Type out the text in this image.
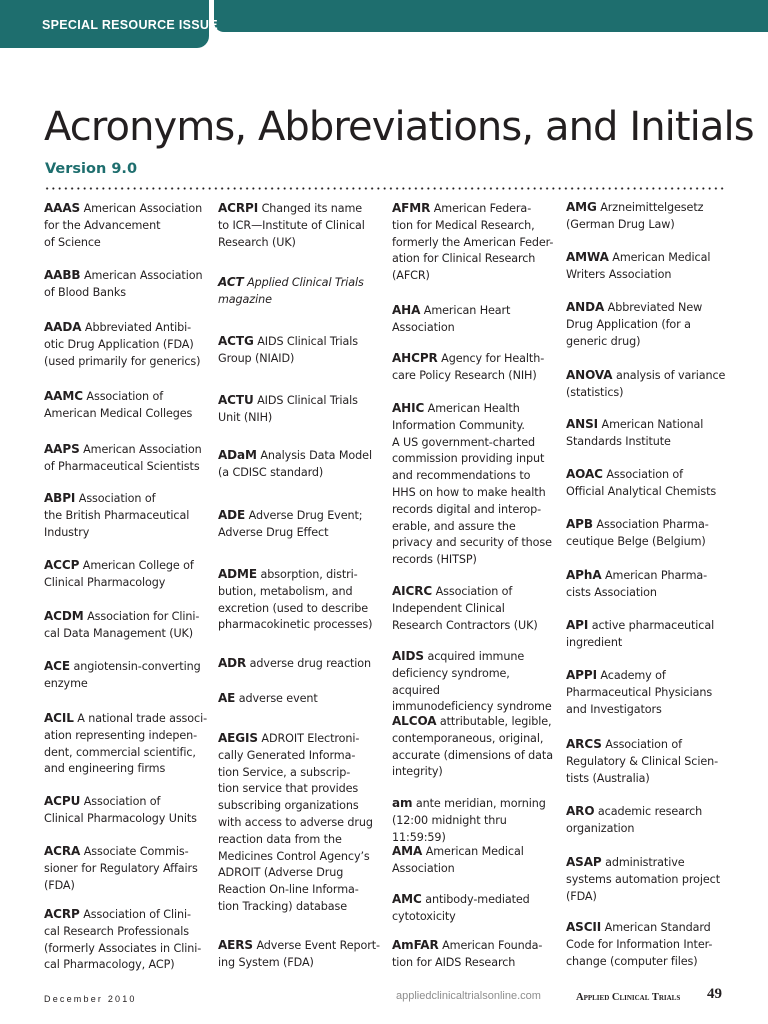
SPECIAL RESOURCE ISSUE
Acronyms, Abbreviations, and Initials
Version 9.0

AAAS American Association
for the Advancement
of Science

AABB American Association
of Blood Banks

AADA Abbreviated Antibi-
otic Drug Application (FDA)
(used primarily for generics)

AAMC Association of
American Medical Colleges

AAPS American Association
of Pharmaceutical Scientists

ABPI Association of
the British Pharmaceutical
Industry

ACCP American College of
Clinical Pharmacology

ACDM Association for Clini-
cal Data Management (UK)

ACE angiotensin-converting
enzyme

ACIL A national trade associ-
ation representing indepen-
dent, commercial scientific,
and engineering firms

ACPU Association of
Clinical Pharmacology Units

ACRA Associate Commis-
sioner for Regulatory Affairs
(FDA)

ACRP Association of Clini-
cal Research Professionals
(formerly Associates in Clini-
cal Pharmacology, ACP)

ACRPI Changed its name
to ICR—Institute of Clinical
Research (UK)

ACT Applied Clinical Trials
magazine

ACTG AIDS Clinical Trials
Group (NIAID)

ACTU AIDS Clinical Trials
Unit (NIH)

ADaM Analysis Data Model
(a CDISC standard)

ADE Adverse Drug Event;
Adverse Drug Effect

ADME absorption, distri-
bution, metabolism, and
excretion (used to describe
pharmacokinetic processes)

ADR adverse drug reaction

AE adverse event

AEGIS ADROIT Electroni-
cally Generated Informa-
tion Service, a subscrip-
tion service that provides
subscribing organizations
with access to adverse drug
reaction data from the
Medicines Control Agency’s
ADROIT (Adverse Drug
Reaction On-line Informa-
tion Tracking) database

AERS Adverse Event Report-
ing System (FDA)

AFMR American Federa-
tion for Medical Research,
formerly the American Feder-
ation for Clinical Research
(AFCR)

AHA American Heart
Association

AHCPR Agency for Health-
care Policy Research (NIH)

AHIC American Health
Information Community.
A US government-charted
commission providing input
and recommendations to
HHS on how to make health
records digital and interop-
erable, and assure the
privacy and security of those
records (HITSP)

AICRC Association of
Independent Clinical
Research Contractors (UK)

AIDS acquired immune
deficiency syndrome, acquired
immunodeficiency syndrome

ALCOA attributable, legible,
contemporaneous, original,
accurate (dimensions of data
integrity)

am ante meridian, morning
(12:00 midnight thru 11:59:59)

AMA American Medical
Association

AMC antibody-mediated
cytotoxicity

AmFAR American Founda-
tion for AIDS Research

AMG Arzneimittelgesetz
(German Drug Law)

AMWA American Medical
Writers Association

ANDA Abbreviated New
Drug Application (for a
generic drug)

ANOVA analysis of variance
(statistics)

ANSI American National
Standards Institute

AOAC Association of
Official Analytical Chemists

APB Association Pharma-
ceutique Belge (Belgium)

APhA American Pharma-
cists Association

API active pharmaceutical
ingredient

APPI Academy of
Pharmaceutical Physicians
and Investigators

ARCS Association of
Regulatory & Clinical Scien-
tists (Australia)

ARO academic research
organization

ASAP administrative
systems automation project
(FDA)

ASCII American Standard
Code for Information Inter-
change (computer files)

December 2010	appliedclinicaltrialsonline.com	Applied Clinical Trials 49
